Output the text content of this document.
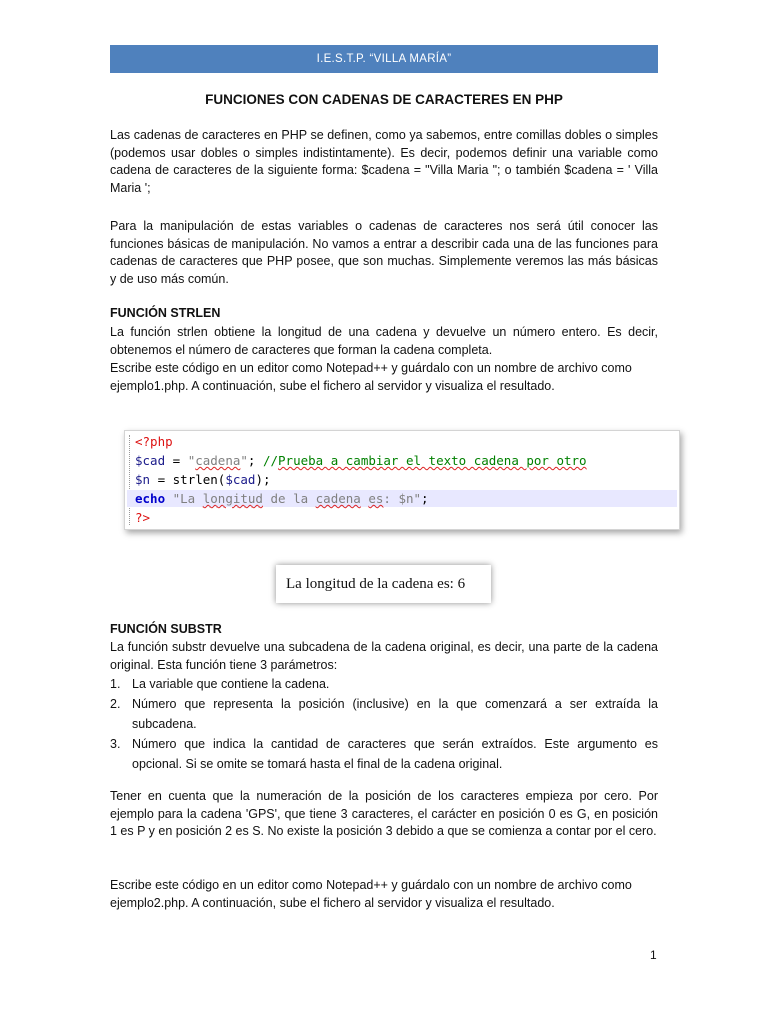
I.E.S.T.P. “VILLA MARÍA”
FUNCIONES CON CADENAS DE CARACTERES EN PHP

Las cadenas de caracteres en PHP se definen, como ya sabemos, entre comillas dobles o simples (podemos usar dobles o simples indistintamente). Es decir, podemos definir una variable como cadena de caracteres de la siguiente forma: $cadena = "Villa Maria "; o también $cadena = ' Villa Maria ';

Para la manipulación de estas variables o cadenas de caracteres nos será útil conocer las funciones básicas de manipulación. No vamos a entrar a describir cada una de las funciones para cadenas de caracteres que PHP posee, que son muchas. Simplemente veremos las más básicas y de uso más común.

FUNCIÓN STRLEN

La función strlen obtiene la longitud de una cadena y devuelve un número entero. Es decir, obtenemos el número de caracteres que forman la cadena completa.

Escribe este código en un editor como Notepad++ y guárdalo con un nombre de archivo como
ejemplo1.php. A continuación, sube el fichero al servidor y visualiza el resultado.
<?php
$cad = "cadena"; //Prueba a cambiar el texto cadena por otro
$n = strlen($cad);
echo "La longitud de la cadena es: $n";
?>
La longitud de la cadena es: 6

FUNCIÓN SUBSTR

La función substr devuelve una subcadena de la cadena original, es decir, una parte de la cadena original. Esta función tiene 3 parámetros:

1. La variable que contiene la cadena.
2. Número que representa la posición (inclusive) en la que comenzará a ser extraída la subcadena.
3. Número que indica la cantidad de caracteres que serán extraídos. Este argumento es opcional. Si se omite se tomará hasta el final de la cadena original.

Tener en cuenta que la numeración de la posición de los caracteres empieza por cero. Por ejemplo para la cadena 'GPS', que tiene 3 caracteres, el carácter en posición 0 es G, en posición 1 es P y en posición 2 es S. No existe la posición 3 debido a que se comienza a contar por el cero.

Escribe este código en un editor como Notepad++ y guárdalo con un nombre de archivo como
ejemplo2.php. A continuación, sube el fichero al servidor y visualiza el resultado.
1
